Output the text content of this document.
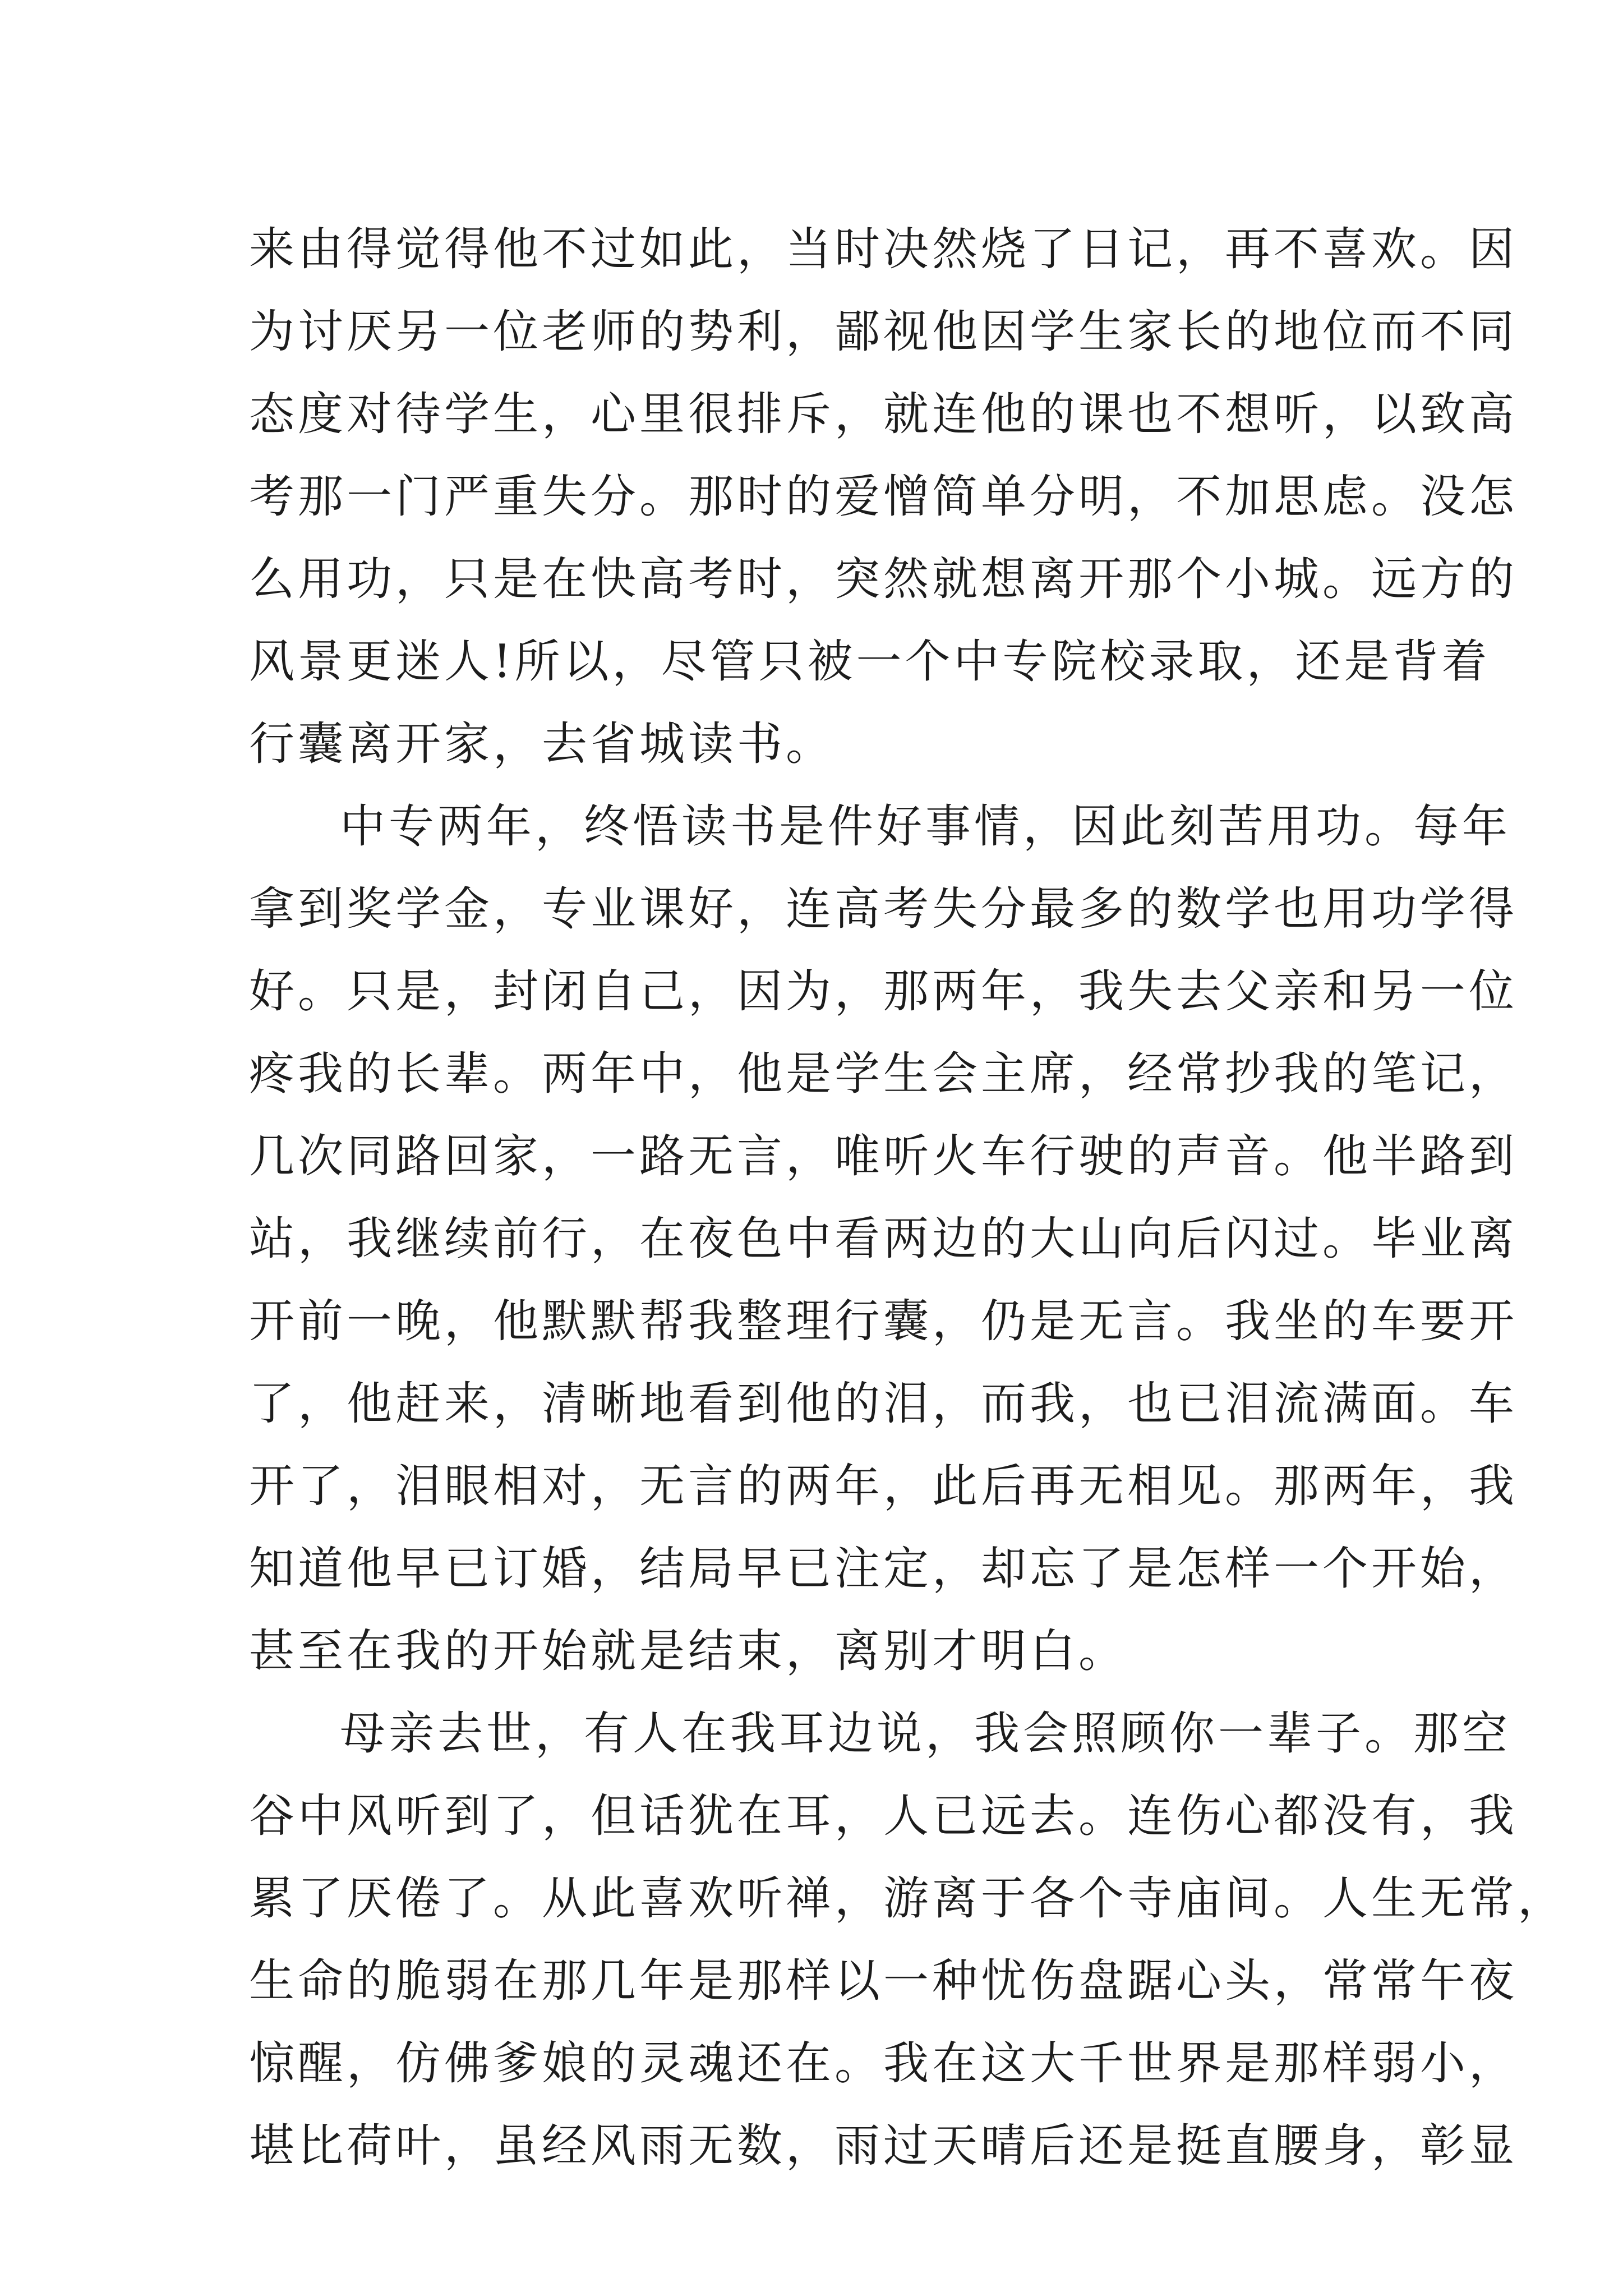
来由得觉得他不过如此，当时决然烧了日记，再不喜欢。因
为讨厌另一位老师的势利，鄙视他因学生家长的地位而不同
态度对待学生，心里很排斥，就连他的课也不想听，以致高
考那一门严重失分。那时的爱憎简单分明，不加思虑。没怎
么用功，只是在快高考时，突然就想离开那个小城。远方的
风景更迷人!所以，尽管只被一个中专院校录取，还是背着
行囊离开家，去省城读书。
中专两年，终悟读书是件好事情，因此刻苦用功。每年
拿到奖学金，专业课好，连高考失分最多的数学也用功学得
好。只是，封闭自己，因为，那两年，我失去父亲和另一位
疼我的长辈。两年中，他是学生会主席，经常抄我的笔记，
几次同路回家，一路无言，唯听火车行驶的声音。他半路到
站，我继续前行，在夜色中看两边的大山向后闪过。毕业离
开前一晚，他默默帮我整理行囊，仍是无言。我坐的车要开
了，他赶来，清晰地看到他的泪，而我，也已泪流满面。车
开了，泪眼相对，无言的两年，此后再无相见。那两年，我
知道他早已订婚，结局早已注定，却忘了是怎样一个开始，
甚至在我的开始就是结束，离别才明白。
母亲去世，有人在我耳边说，我会照顾你一辈子。那空
谷中风听到了，但话犹在耳，人已远去。连伤心都没有，我
累了厌倦了。从此喜欢听禅，游离于各个寺庙间。人生无常，
生命的脆弱在那几年是那样以一种忧伤盘踞心头，常常午夜
惊醒，仿佛爹娘的灵魂还在。我在这大千世界是那样弱小，
堪比荷叶，虽经风雨无数，雨过天晴后还是挺直腰身，彰显
